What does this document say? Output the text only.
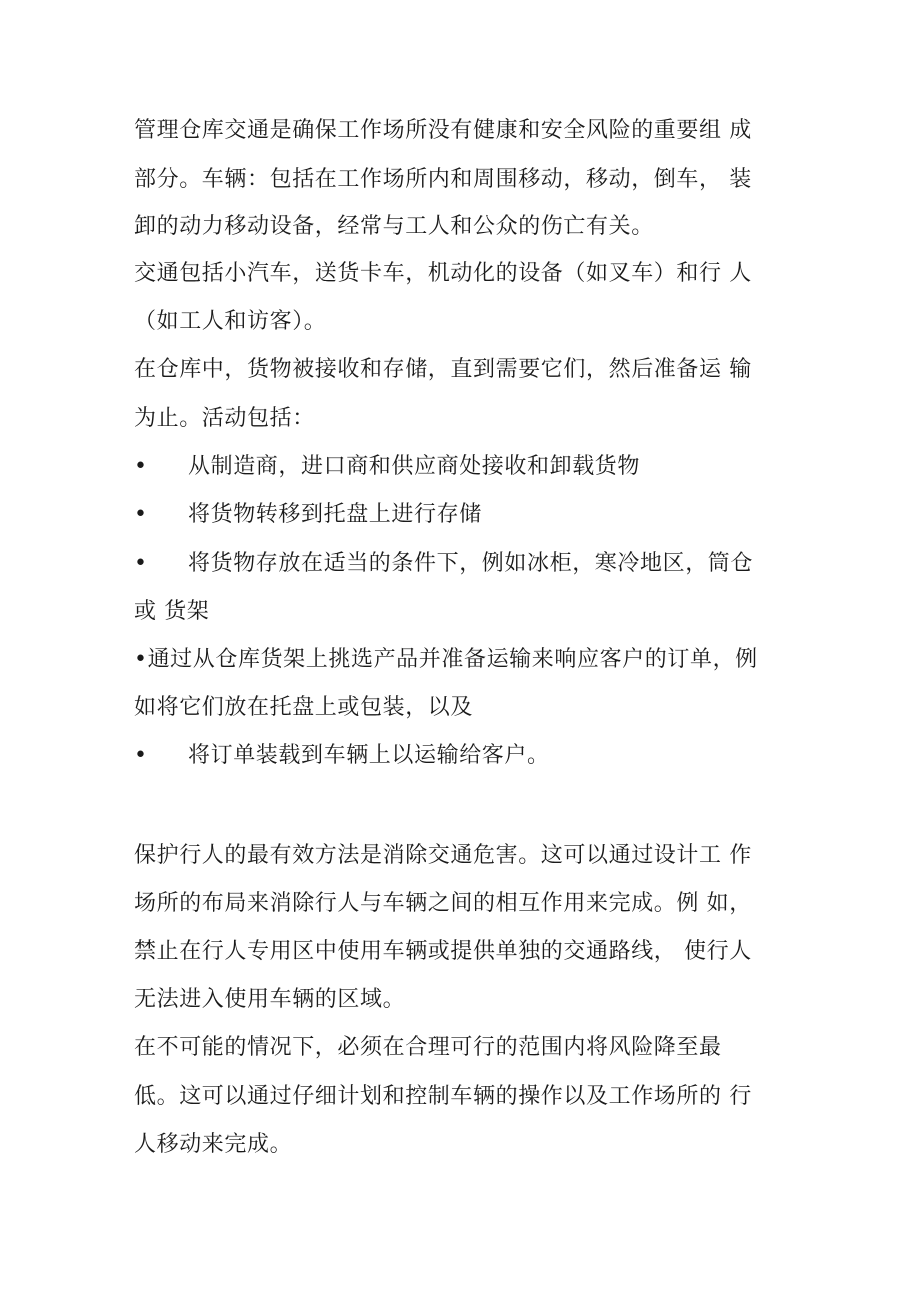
管理仓库交通是确保工作场所没有健康和安全风险的重要组 成
部分。车辆：包括在工作场所内和周围移动，移动，倒车， 装
卸的动力移动设备，经常与工人和公众的伤亡有关。
交通包括小汽车，送货卡车，机动化的设备（如叉车）和行 人
（如工人和访客）。
在仓库中，货物被接收和存储，直到需要它们，然后准备运 输
为止。活动包括：
• 从制造商，进口商和供应商处接收和卸载货物
• 将货物转移到托盘上进行存储
• 将货物存放在适当的条件下，例如冰柜，寒冷地区，筒仓
或 货架
•通过从仓库货架上挑选产品并准备运输来响应客户的订单，例
如将它们放在托盘上或包装，以及
• 将订单装载到车辆上以运输给客户。
保护行人的最有效方法是消除交通危害。这可以通过设计工 作
场所的布局来消除行人与车辆之间的相互作用来完成。例 如，
禁止在行人专用区中使用车辆或提供单独的交通路线， 使行人
无法进入使用车辆的区域。
在不可能的情况下，必须在合理可行的范围内将风险降至最
低。这可以通过仔细计划和控制车辆的操作以及工作场所的 行
人移动来完成。
